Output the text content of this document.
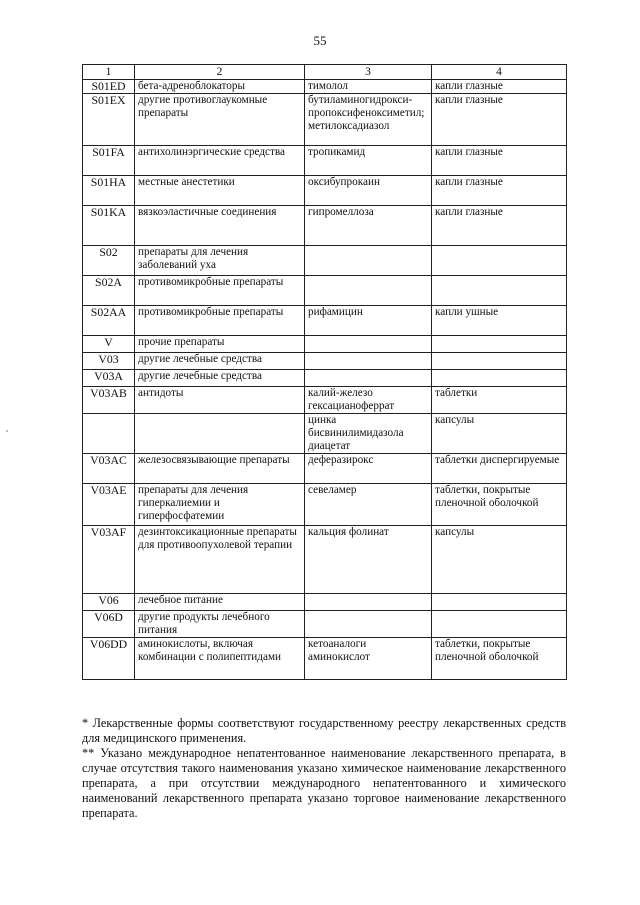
55
1	2	3	4
S01ED	бета-адреноблокаторы	тимолол	капли глазные
S01EX	другие противоглаукомные препараты	бутиламиногидроксипропоксифеноксиметил; метилоксадиазол	капли глазные
S01FA	антихолинэргические средства	тропикамид	капли глазные
S01HA	местные анестетики	оксибупрокаин	капли глазные
S01KA	вязкоэластичные соединения	гипромеллоза	капли глазные
S02	препараты для лечения заболеваний уха		
S02A	противомикробные препараты		
S02AA	противомикробные препараты	рифамицин	капли ушные
V	прочие препараты		
V03	другие лечебные средства		
V03A	другие лечебные средства		
V03AB	антидоты	калий-железо гексацианоферрат	таблетки
		цинка бисвинилимидазола диацетат	капсулы
V03AC	железосвязывающие препараты	деферазирокс	таблетки диспергируемые
V03AE	препараты для лечения гиперкалиемии и гиперфосфатемии	севеламер	таблетки, покрытые пленочной оболочкой
V03AF	дезинтоксикационные препараты для противоопухолевой терапии	кальция фолинат	капсулы
V06	лечебное питание		
V06D	другие продукты лечебного питания		
V06DD	аминокислоты, включая комбинации с полипептидами	кетоаналоги аминокислот	таблетки, покрытые пленочной оболочкой

* Лекарственные формы соответствуют государственному реестру лекарственных средств для медицинского применения.

** Указано международное непатентованное наименование лекарственного препарата, в случае отсутствия такого наименования указано химическое наименование лекарственного препарата, а при отсутствии международного непатентованного и химического наименований лекарственного препарата указано торговое наименование лекарственного препарата.
